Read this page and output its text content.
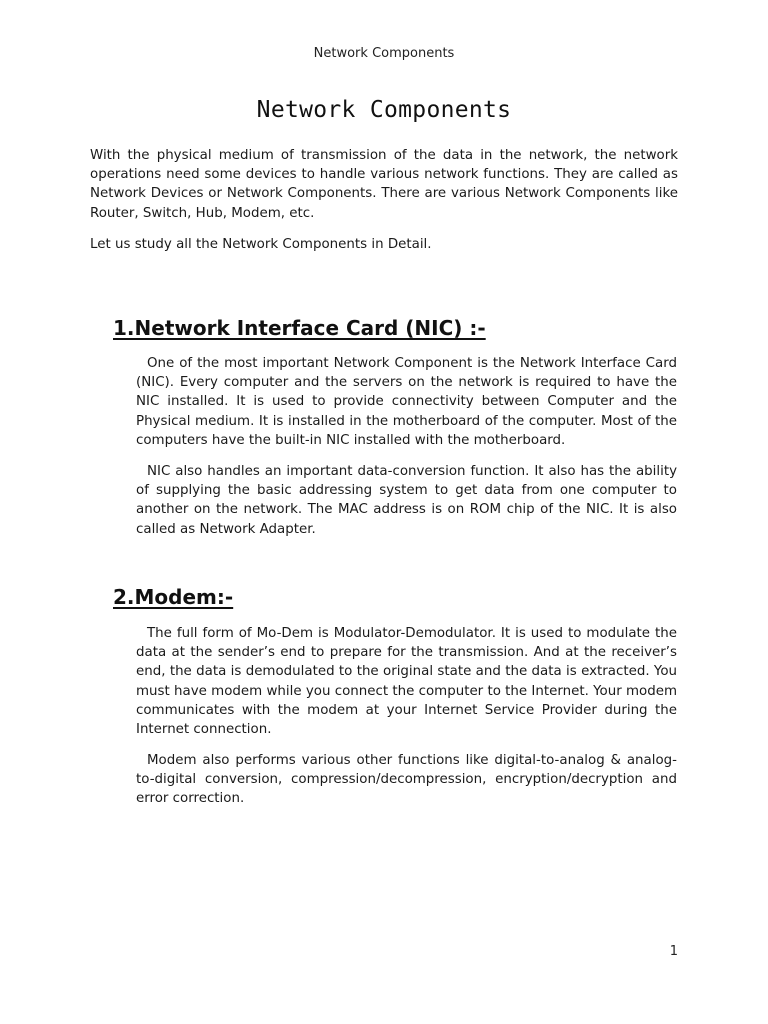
Network Components
Network Components

With the physical medium of transmission of the data in the network, the network operations need some devices to handle various network functions. They are called as Network Devices or Network Components. There are various Network Components like Router, Switch, Hub, Modem, etc.

Let us study all the Network Components in Detail.

1.Network Interface Card (NIC) :-

One of the most important Network Component is the Network Interface Card (NIC). Every computer and the servers on the network is required to have the NIC installed. It is used to provide connectivity between Computer and the Physical medium. It is installed in the motherboard of the computer. Most of the computers have the built-in NIC installed with the motherboard.

NIC also handles an important data-conversion function. It also has the ability of supplying the basic addressing system to get data from one computer to another on the network. The MAC address is on ROM chip of the NIC. It is also called as Network Adapter.

2.Modem:-

The full form of Mo-Dem is Modulator-Demodulator. It is used to modulate the data at the sender’s end to prepare for the transmission. And at the receiver’s end, the data is demodulated to the original state and the data is extracted. You must have modem while you connect the computer to the Internet. Your modem communicates with the modem at your Internet Service Provider during the Internet connection.

Modem also performs various other functions like digital-to-analog & analog-to-digital conversion, compression/decompression, encryption/decryption and error correction.

1
